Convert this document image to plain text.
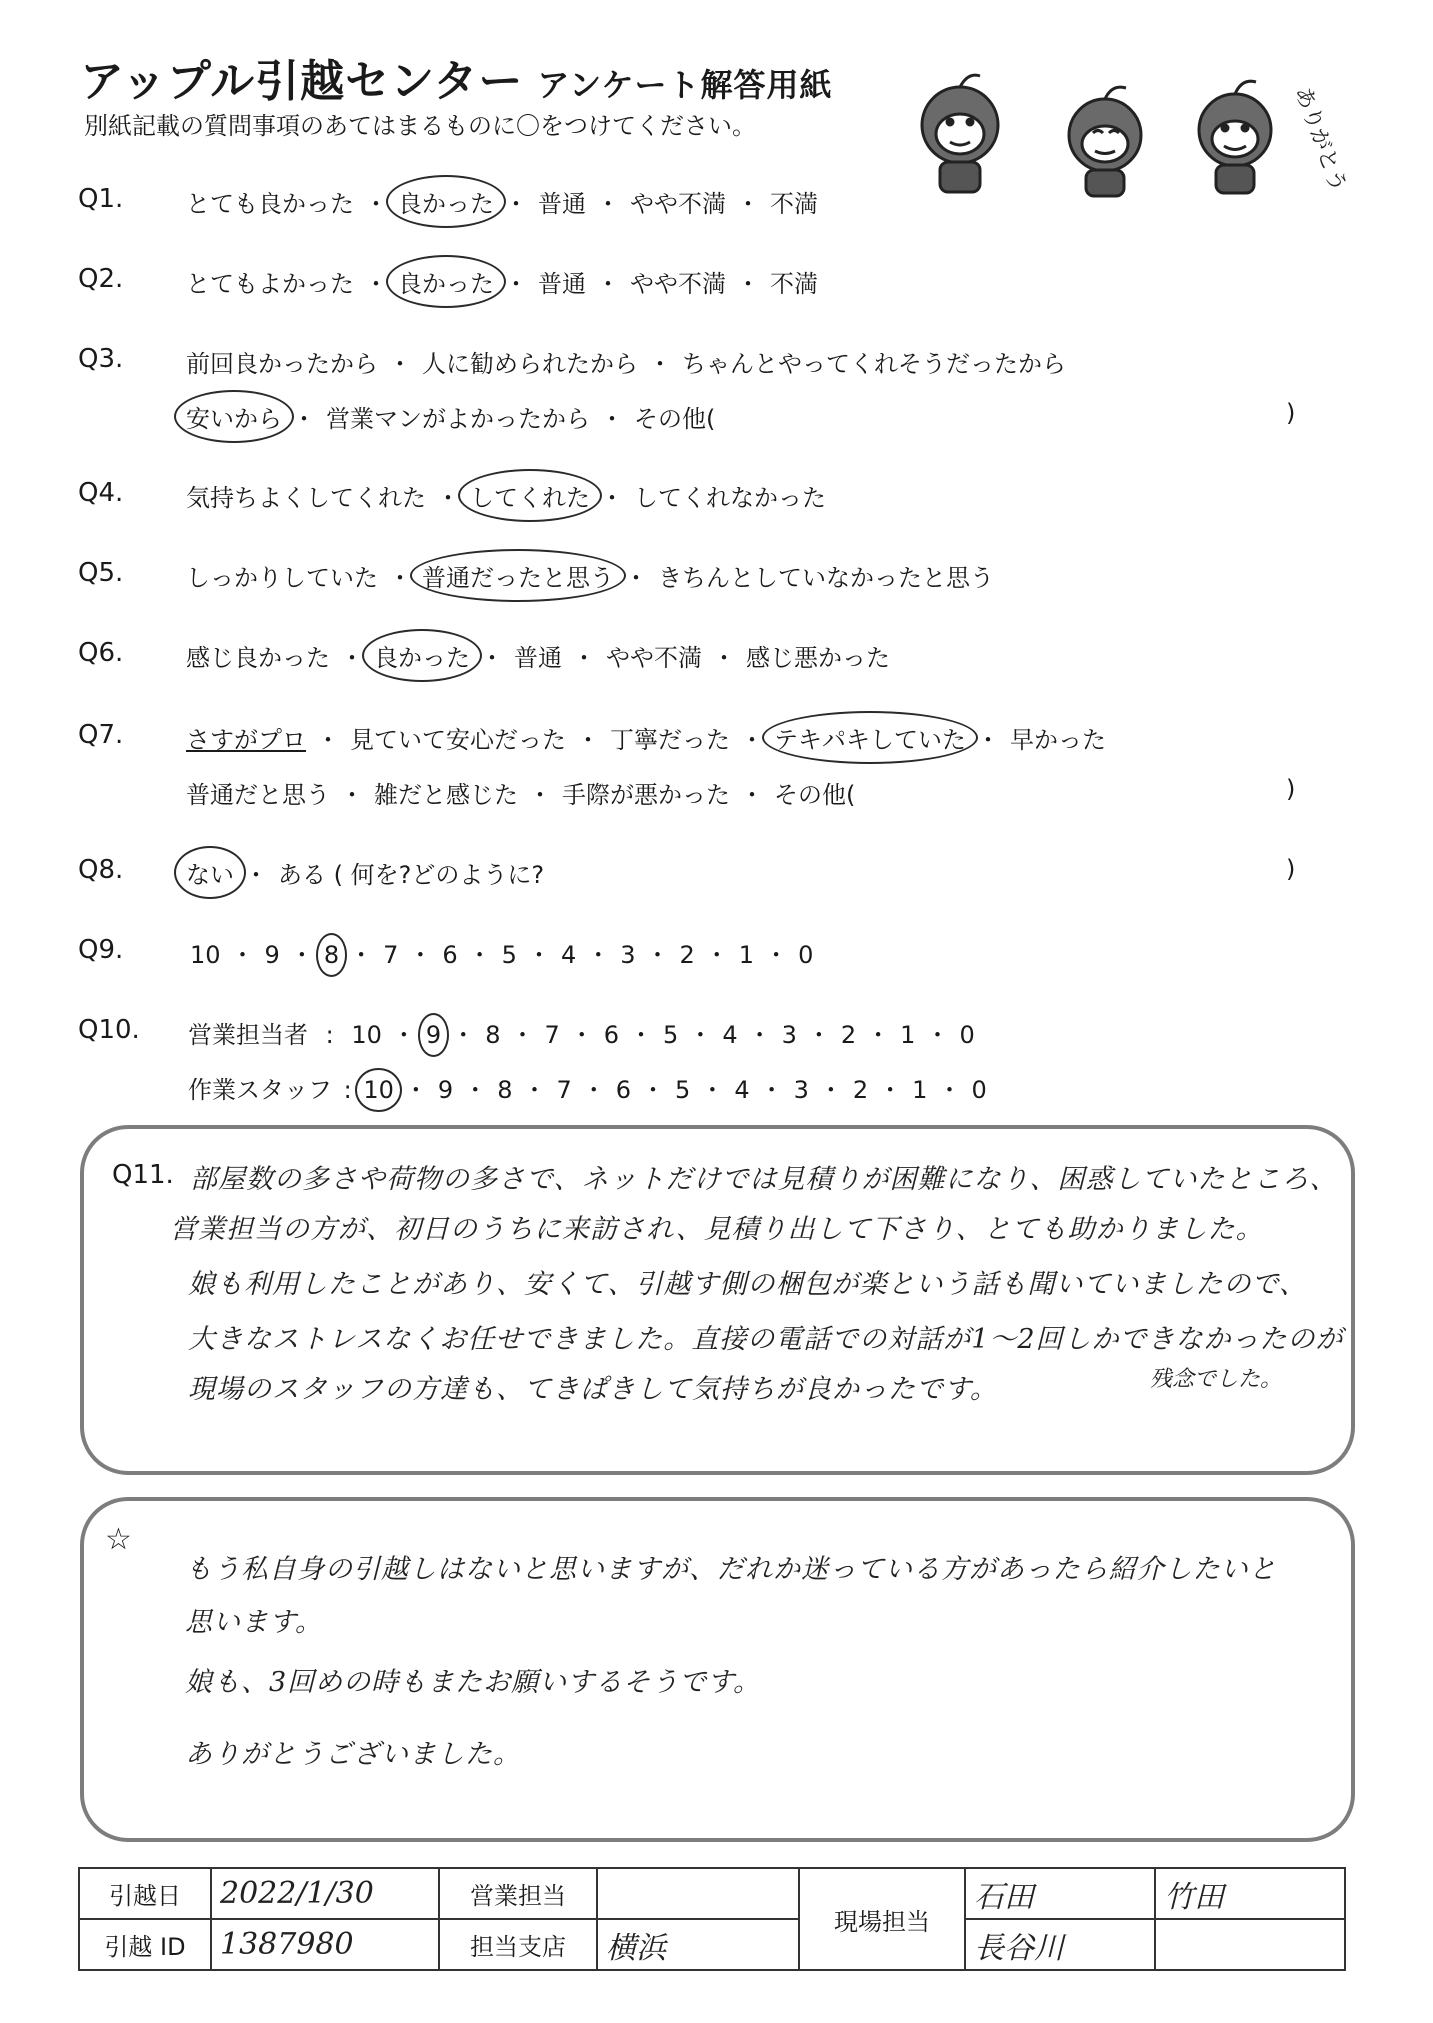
アップル引越センター アンケート解答用紙
別紙記載の質問事項のあてはまるものに〇をつけてください。	ありがとう
Q1.	とても良かった ・ 良かった ・ 普通 ・ やや不満 ・ 不満
Q2.	とてもよかった ・ 良かった ・ 普通 ・ やや不満 ・ 不満
Q3.	前回良かったから ・ 人に勧められたから ・ ちゃんとやってくれそうだったから
安いから ・ 営業マンがよかったから ・ その他(	)
Q4.	気持ちよくしてくれた ・ してくれた ・ してくれなかった
Q5.	しっかりしていた ・ 普通だったと思う ・ きちんとしていなかったと思う
Q6.	感じ良かった ・ 良かった ・ 普通 ・ やや不満 ・ 感じ悪かった
Q7.	さすがプロ ・ 見ていて安心だった ・ 丁寧だった ・ テキパキしていた ・ 早かった
普通だと思う ・ 雑だと感じた ・ 手際が悪かった ・ その他(	)
Q8.	ない ・ ある ( 何を?どのように?	)
Q9.	10 ・ 9 ・ 8 ・ 7 ・ 6 ・ 5 ・ 4 ・ 3 ・ 2 ・ 1 ・ 0
Q10. 営業担当者 : 10 ・ 9 ・ 8 ・ 7 ・ 6 ・ 5 ・ 4 ・ 3 ・ 2 ・ 1 ・ 0
作業スタッフ : 10 ・ 9 ・ 8 ・ 7 ・ 6 ・ 5 ・ 4 ・ 3 ・ 2 ・ 1 ・ 0
Q11. 部屋数の多さや荷物の多さで、ネットだけでは見積りが困難になり、困惑していたところ、
営業担当の方が、初日のうちに来訪され、見積り出して下さり、とても助かりました。
娘も利用したことがあり、安くて、引越す側の梱包が楽という話も聞いていましたので、
大きなストレスなくお任せできました。直接の電話での対話が1〜2回しかできなかったのが
現場のスタッフの方達も、てきぱきして気持ちが良かったです。	残念でした。
☆
もう私自身の引越しはないと思いますが、だれか迷っている方があったら紹介したいと
思います。
娘も、3回めの時もまたお願いするそうです。
ありがとうございました。
引越日	2022/1/30	営業担当		現場担当	石田	竹田
引越 ID	1387980	担当支店	横浜		長谷川	
